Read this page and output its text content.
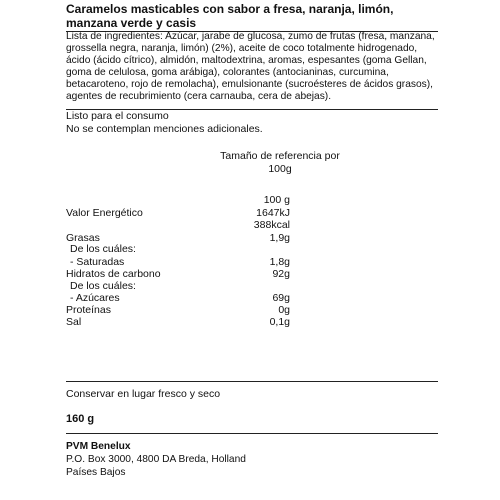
Caramelos masticables con sabor a fresa, naranja, limón, manzana verde y casis
Lista de ingredientes: Azúcar, jarabe de glucosa, zumo de frutas (fresa, manzana, grossella negra, naranja, limón) (2%), aceite de coco totalmente hidrogenado, ácido (ácido cítrico), almidón, maltodextrina, aromas, espesantes (goma Gellan, goma de celulosa, goma arábiga), colorantes (antocianinas, curcumina, betacaroteno, rojo de remolacha), emulsionante (sucroésteres de ácidos grasos), agentes de recubrimiento (cera carnauba, cera de abejas).
Listo para el consumo
No se contemplan menciones adicionales.
Tamaño de referencia por
100g
100 g
Valor Energético	1647kJ
388kcal
Grasas	1,9g
De los cuáles:
- Saturadas	1,8g
Hidratos de carbono	92g
De los cuáles:
- Azúcares	69g
Proteínas	0g
Sal	0,1g
Conservar en lugar fresco y seco
160 g
PVM Benelux
P.O. Box 3000, 4800 DA Breda, Holland
Países Bajos
